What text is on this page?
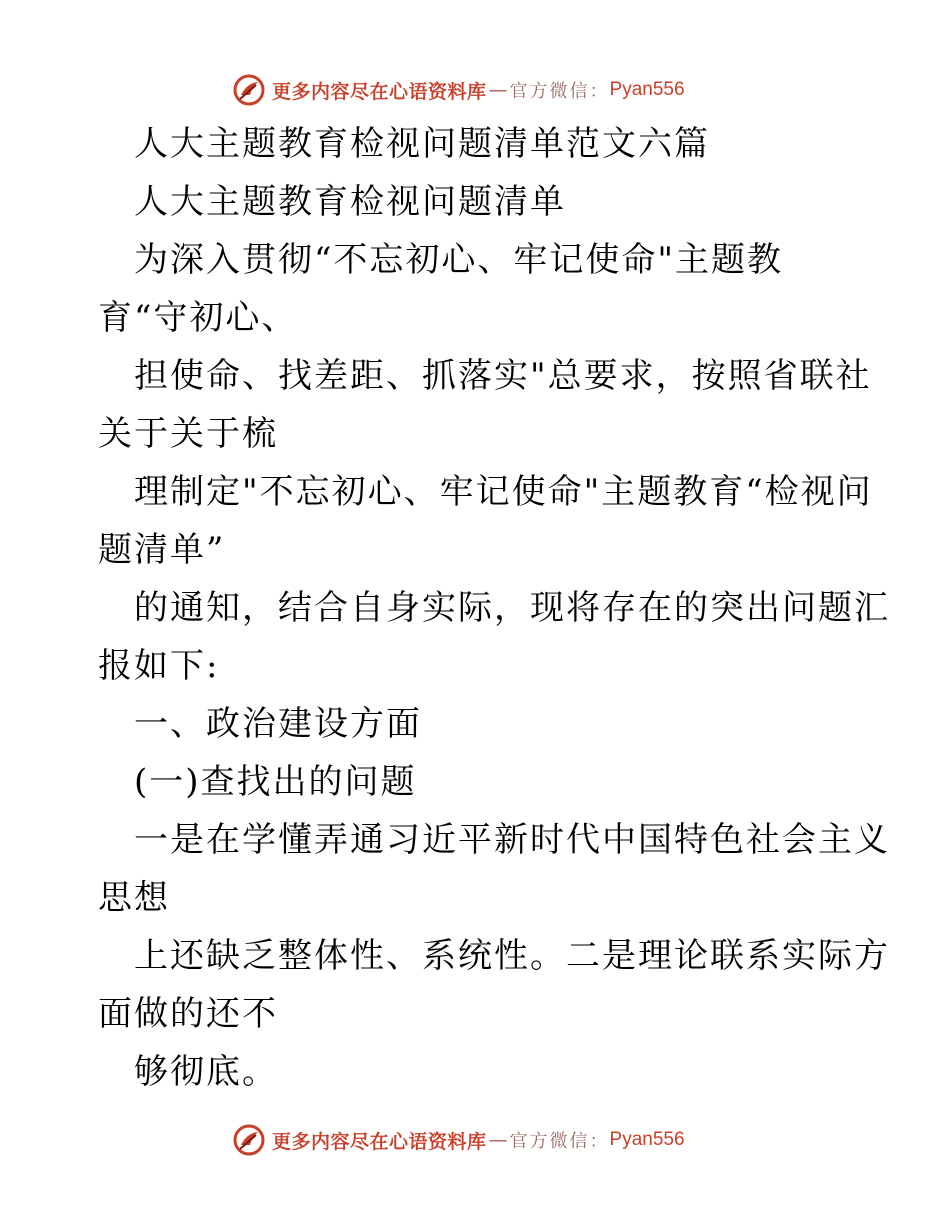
更多内容尽在心语资料库 — 官方微信： Pyan556
人大主题教育检视问题清单范文六篇
人大主题教育检视问题清单
为深入贯彻“不忘初心、牢记使命"主题教
育“守初心、
担使命、找差距、抓落实"总要求，按照省联社
关于关于梳
理制定"不忘初心、牢记使命"主题教育“检视问
题清单”
的通知，结合自身实际，现将存在的突出问题汇
报如下:
一、政治建设方面
(一)查找出的问题
一是在学懂弄通习近平新时代中国特色社会主义
思想
上还缺乏整体性、系统性。二是理论联系实际方
面做的还不
够彻底。
更多内容尽在心语资料库 — 官方微信： Pyan556
